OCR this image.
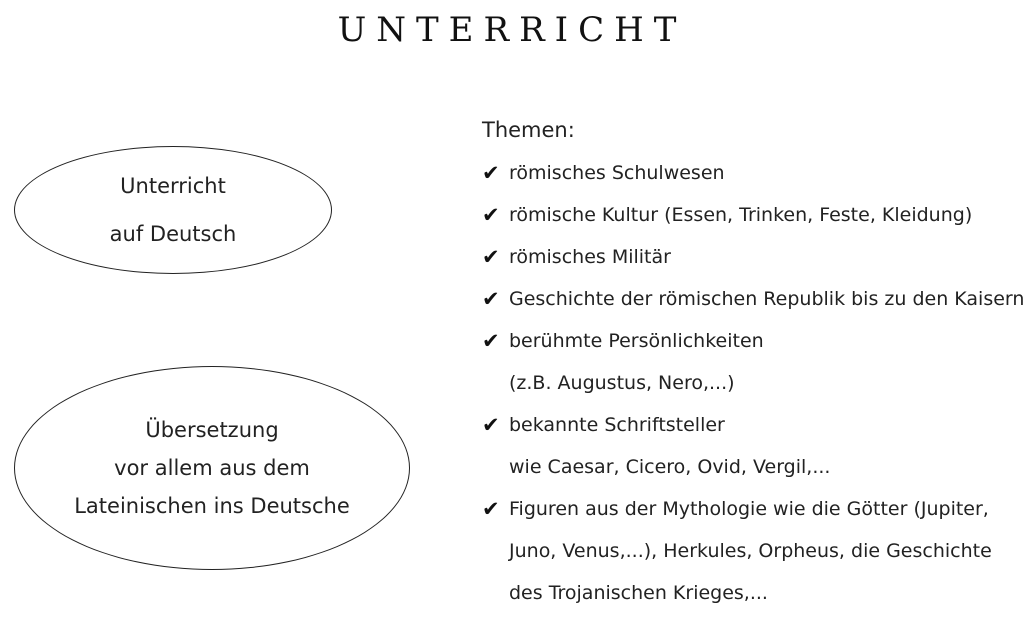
UNTERRICHT
Unterricht
auf Deutsch
Übersetzung
vor allem aus dem
Lateinischen ins Deutsche
Themen:
✔ römisches Schulwesen
✔ römische Kultur (Essen, Trinken, Feste, Kleidung)
✔ römisches Militär
✔ Geschichte der römischen Republik bis zu den Kaisern
✔ berühmte Persönlichkeiten
(z.B. Augustus, Nero,...)
✔ bekannte Schriftsteller
wie Caesar, Cicero, Ovid, Vergil,...
✔ Figuren aus der Mythologie wie die Götter (Jupiter,
Juno, Venus,...), Herkules, Orpheus, die Geschichte
des Trojanischen Krieges,...
